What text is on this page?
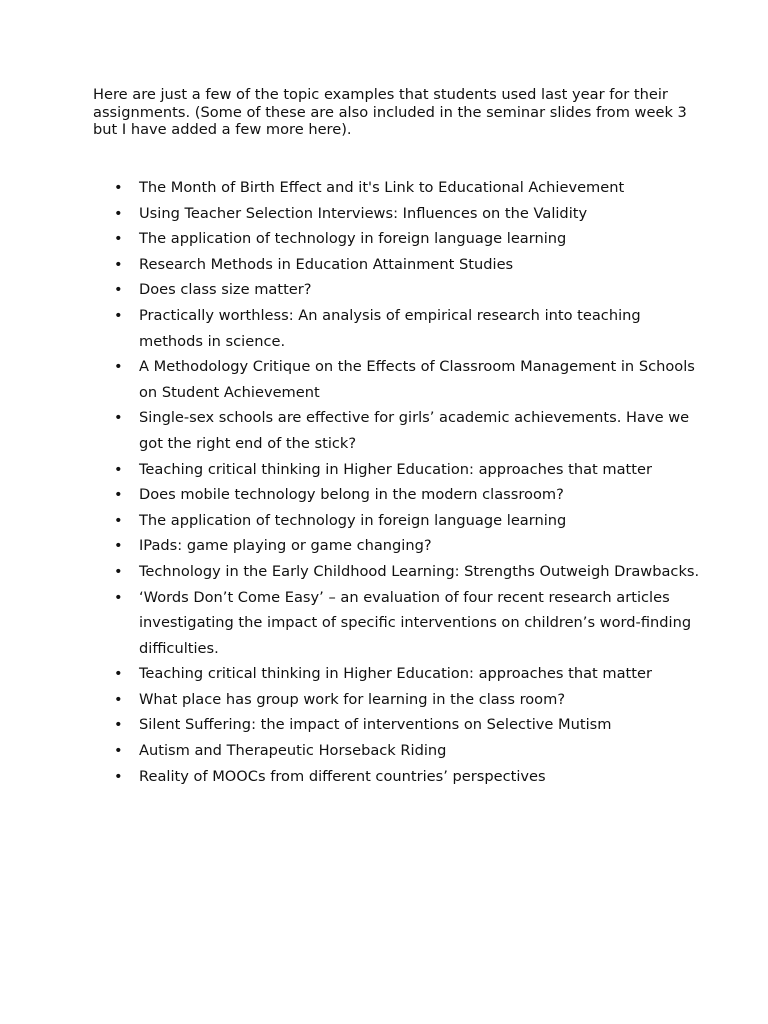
Here are just a few of the topic examples that students used last year for their assignments. (Some of these are also included in the seminar slides from week 3 but I have added a few more here).

•	The Month of Birth Effect and it's Link to Educational Achievement
•	Using Teacher Selection Interviews: Influences on the Validity
•	The application of technology in foreign language learning
•	Research Methods in Education Attainment Studies
•	Does class size matter?
•	Practically worthless: An analysis of empirical research into teaching methods in science.
•	A Methodology Critique on the Effects of Classroom Management in Schools on Student Achievement
•	Single-sex schools are effective for girls’ academic achievements. Have we got the right end of the stick?
•	Teaching critical thinking in Higher Education: approaches that matter
•	Does mobile technology belong in the modern classroom?
•	The application of technology in foreign language learning
•	IPads: game playing or game changing?
•	Technology in the Early Childhood Learning: Strengths Outweigh Drawbacks.
•	‘Words Don’t Come Easy’ – an evaluation of four recent research articles investigating the impact of specific interventions on children’s word-finding difficulties.
•	Teaching critical thinking in Higher Education: approaches that matter
•	What place has group work for learning in the class room?
•	Silent Suffering: the impact of interventions on Selective Mutism
•	Autism and Therapeutic Horseback Riding
•	Reality of MOOCs from different countries’ perspectives
